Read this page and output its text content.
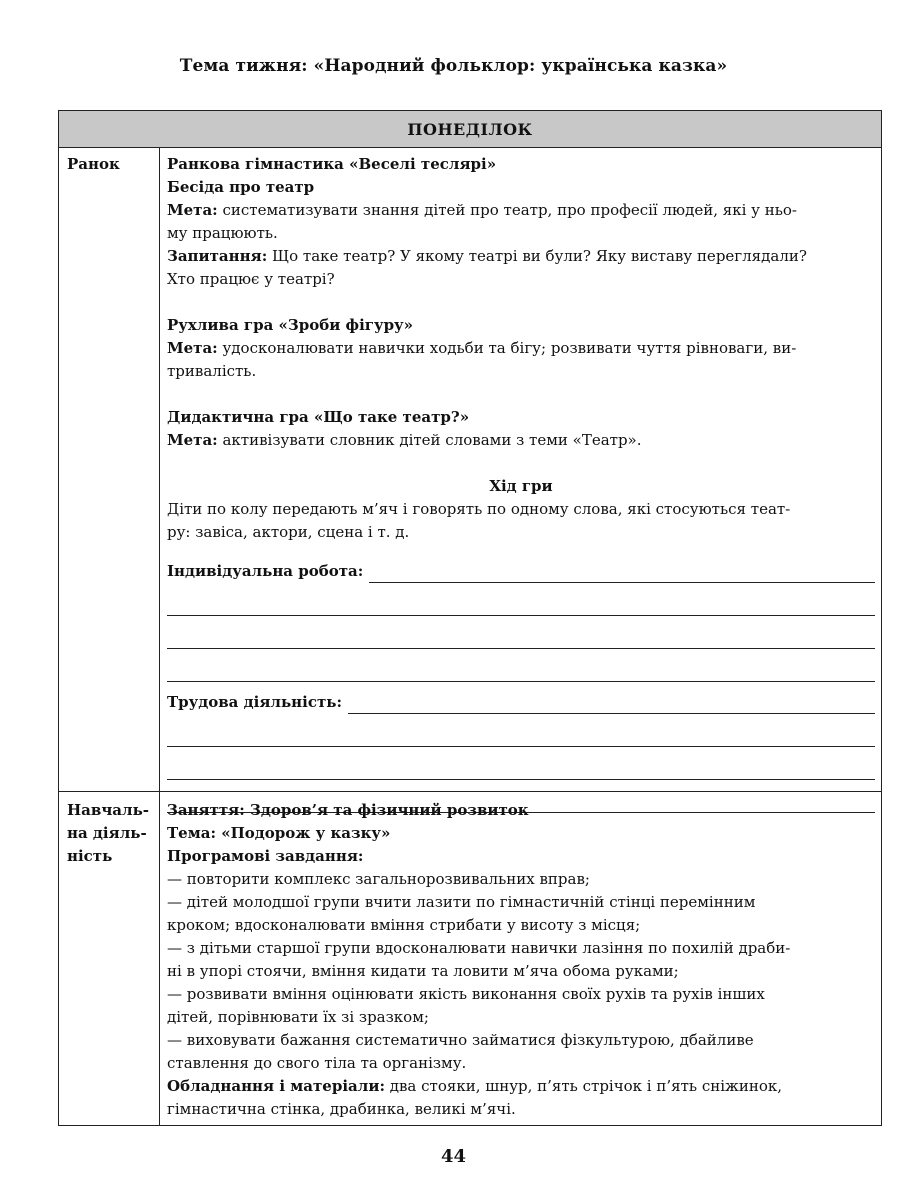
Тема тижня: «Народний фольклор: українська казка»
ПОНЕДІЛОК
Ранок	Ранкова гімнастика «Веселі теслярі»

Бесіда про театр

Мета: систематизувати знання дітей про театр, про професії людей, які у ньо-

му працюють.

Запитання: Що таке театр? У якому театрі ви були? Яку виставу переглядали?

Хто працює у театрі?

Рухлива гра «Зроби фігуру»

Мета: удосконалювати навички ходьби та бігу; розвивати чуття рівноваги, ви-

тривалість.

Дидактична гра «Що таке театр?»

Мета: активізувати словник дітей словами з теми «Театр».

Хід гри

Діти по колу передають м’яч і говорять по одному слова, які стосуються теат-

ру: завіса, актори, сцена і т. д.

Індивідуальна робота:
Трудова діяльність:
Навчаль-
на діяль-
ність

Заняття: Здоров’я та фізичний розвиток

Тема: «Подорож у казку»

Програмові завдання:

— повторити комплекс загальнорозвивальних вправ;

— дітей молодшої групи вчити лазити по гімнастичній стінці перемінним

кроком; вдосконалювати вміння стрибати у висоту з місця;

— з дітьми старшої групи вдосконалювати навички лазіння по похилій драби-

ні в упорі стоячи, вміння кидати та ловити м’яча обома руками;

— розвивати вміння оцінювати якість виконання своїх рухів та рухів інших

дітей, порівнювати їх зі зразком;

— виховувати бажання систематично займатися фізкультурою, дбайливе

ставлення до свого тіла та організму.

Обладнання і матеріали: два стояки, шнур, п’ять стрічок і п’ять сніжинок,

гімнастична стінка, драбинка, великі м’ячі.

44
